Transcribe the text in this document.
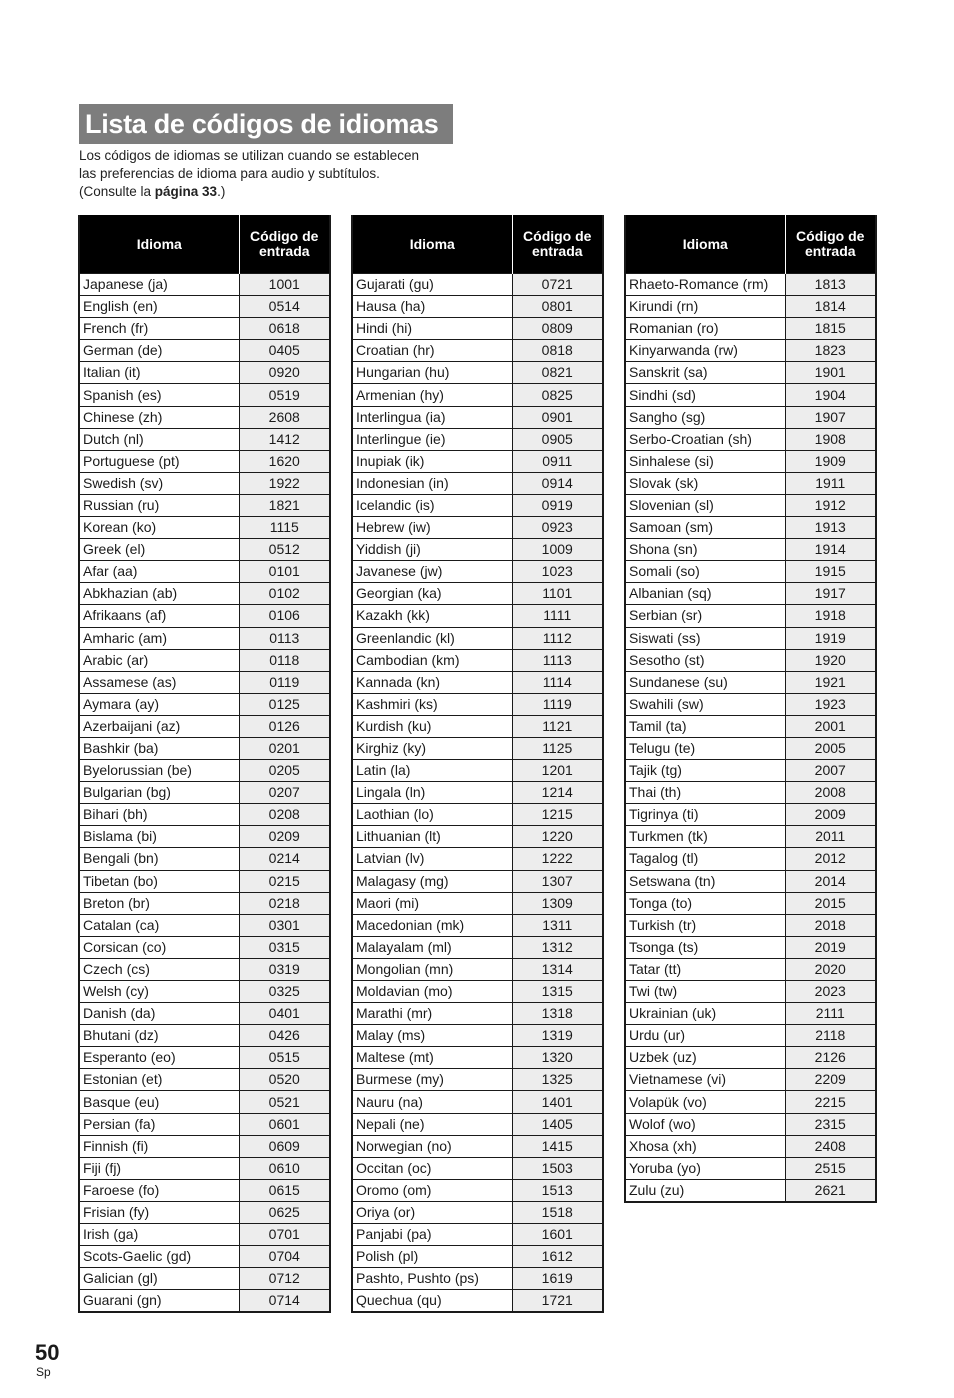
Lista de códigos de idiomas
Los códigos de idiomas se utilizan cuando se establecen
las preferencias de idioma para audio y subtítulos.
(Consulte la página 33.)
Idioma	Código de
entrada
Japanese (ja)	1001
English (en)	0514
French (fr)	0618
German (de)	0405
Italian (it)	0920
Spanish (es)	0519
Chinese (zh)	2608
Dutch (nl)	1412
Portuguese (pt)	1620
Swedish (sv)	1922
Russian (ru)	1821
Korean (ko)	1115
Greek (el)	0512
Afar (aa)	0101
Abkhazian (ab)	0102
Afrikaans (af)	0106
Amharic (am)	0113
Arabic (ar)	0118
Assamese (as)	0119
Aymara (ay)	0125
Azerbaijani (az)	0126
Bashkir (ba)	0201
Byelorussian (be)	0205
Bulgarian (bg)	0207
Bihari (bh)	0208
Bislama (bi)	0209
Bengali (bn)	0214
Tibetan (bo)	0215
Breton (br)	0218
Catalan (ca)	0301
Corsican (co)	0315
Czech (cs)	0319
Welsh (cy)	0325
Danish (da)	0401
Bhutani (dz)	0426
Esperanto (eo)	0515
Estonian (et)	0520
Basque (eu)	0521
Persian (fa)	0601
Finnish (fi)	0609
Fiji (fj)	0610
Faroese (fo)	0615
Frisian (fy)	0625
Irish (ga)	0701
Scots-Gaelic (gd)	0704
Galician (gl)	0712
Guarani (gn)	0714
Idioma	Código de
entrada
Gujarati (gu)	0721
Hausa (ha)	0801
Hindi (hi)	0809
Croatian (hr)	0818
Hungarian (hu)	0821
Armenian (hy)	0825
Interlingua (ia)	0901
Interlingue (ie)	0905
Inupiak (ik)	0911
Indonesian (in)	0914
Icelandic (is)	0919
Hebrew (iw)	0923
Yiddish (ji)	1009
Javanese (jw)	1023
Georgian (ka)	1101
Kazakh (kk)	1111
Greenlandic (kl)	1112
Cambodian (km)	1113
Kannada (kn)	1114
Kashmiri (ks)	1119
Kurdish (ku)	1121
Kirghiz (ky)	1125
Latin (la)	1201
Lingala (ln)	1214
Laothian (lo)	1215
Lithuanian (lt)	1220
Latvian (lv)	1222
Malagasy (mg)	1307
Maori (mi)	1309
Macedonian (mk)	1311
Malayalam (ml)	1312
Mongolian (mn)	1314
Moldavian (mo)	1315
Marathi (mr)	1318
Malay (ms)	1319
Maltese (mt)	1320
Burmese (my)	1325
Nauru (na)	1401
Nepali (ne)	1405
Norwegian (no)	1415
Occitan (oc)	1503
Oromo (om)	1513
Oriya (or)	1518
Panjabi (pa)	1601
Polish (pl)	1612
Pashto, Pushto (ps)	1619
Quechua (qu)	1721
Idioma	Código de
entrada
Rhaeto-Romance (rm)	1813
Kirundi (rn)	1814
Romanian (ro)	1815
Kinyarwanda (rw)	1823
Sanskrit (sa)	1901
Sindhi (sd)	1904
Sangho (sg)	1907
Serbo-Croatian (sh)	1908
Sinhalese (si)	1909
Slovak (sk)	1911
Slovenian (sl)	1912
Samoan (sm)	1913
Shona (sn)	1914
Somali (so)	1915
Albanian (sq)	1917
Serbian (sr)	1918
Siswati (ss)	1919
Sesotho (st)	1920
Sundanese (su)	1921
Swahili (sw)	1923
Tamil (ta)	2001
Telugu (te)	2005
Tajik (tg)	2007
Thai (th)	2008
Tigrinya (ti)	2009
Turkmen (tk)	2011
Tagalog (tl)	2012
Setswana (tn)	2014
Tonga (to)	2015
Turkish (tr)	2018
Tsonga (ts)	2019
Tatar (tt)	2020
Twi (tw)	2023
Ukrainian (uk)	2111
Urdu (ur)	2118
Uzbek (uz)	2126
Vietnamese (vi)	2209
Volapük (vo)	2215
Wolof (wo)	2315
Xhosa (xh)	2408
Yoruba (yo)	2515
Zulu (zu)	2621
50
Sp
